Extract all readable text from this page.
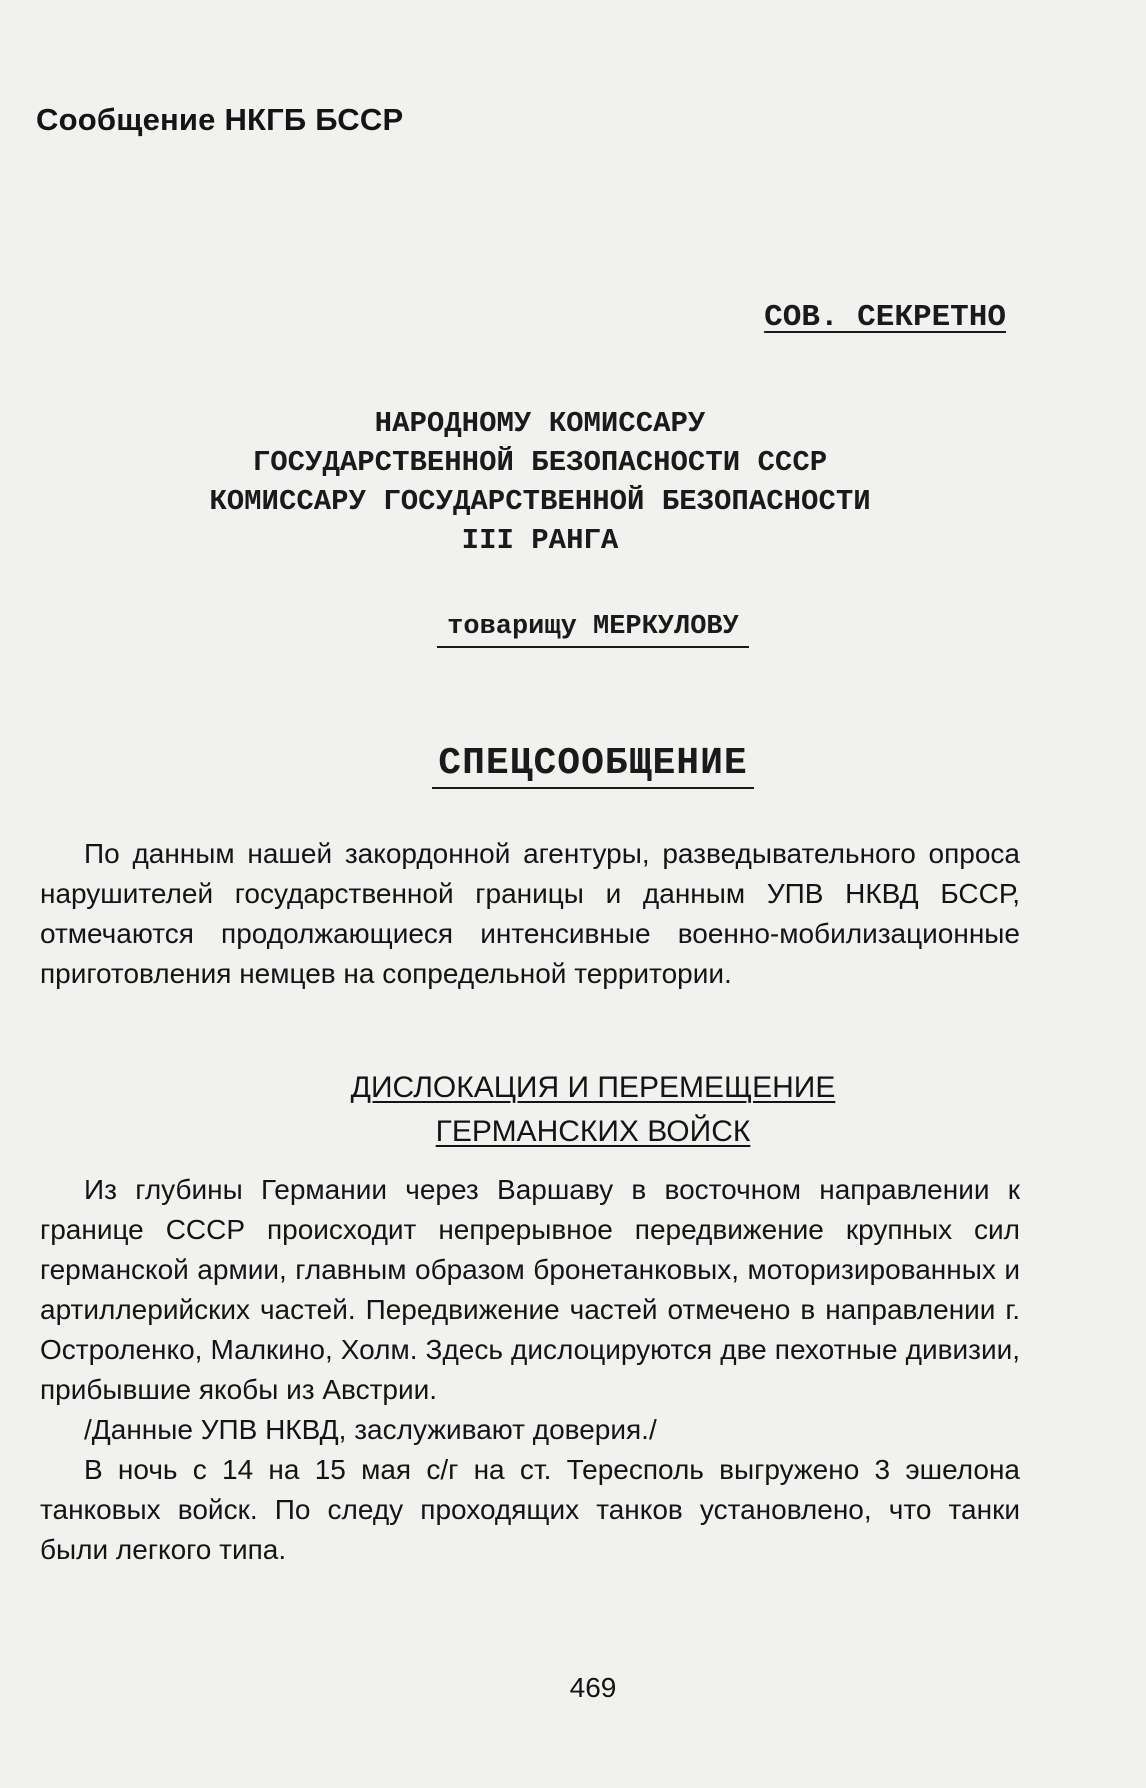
Сообщение НКГБ БССР
СОВ. СЕКРЕТНО
НАРОДНОМУ КОМИССАРУ
ГОСУДАРСТВЕННОЙ БЕЗОПАСНОСТИ СССР
КОМИССАРУ ГОСУДАРСТВЕННОЙ БЕЗОПАСНОСТИ
III РАНГА
товарищу МЕРКУЛОВУ
СПЕЦСООБЩЕНИЕ

По данным нашей закордонной агентуры, разведывательного опроса нарушителей государственной границы и данным УПВ НКВД БССР, отмечаются продолжающиеся интенсивные военно-мобилизационные приготовления немцев на сопредельной территории.

ДИСЛОКАЦИЯ И ПЕРЕМЕЩЕНИЕ
ГЕРМАНСКИХ ВОЙСК

Из глубины Германии через Варшаву в восточном направлении к границе СССР происходит непрерывное передвижение крупных сил германской армии, главным образом бронетанковых, моторизированных и артиллерийских частей. Передвижение частей отмечено в направлении г. Остроленко, Малкино, Холм. Здесь дислоцируются две пехотные дивизии, прибывшие якобы из Австрии.

/Данные УПВ НКВД, заслуживают доверия./

В ночь с 14 на 15 мая с/г на ст. Тересполь выгружено 3 эшелона танковых войск. По следу проходящих танков установлено, что танки были легкого типа.

469
